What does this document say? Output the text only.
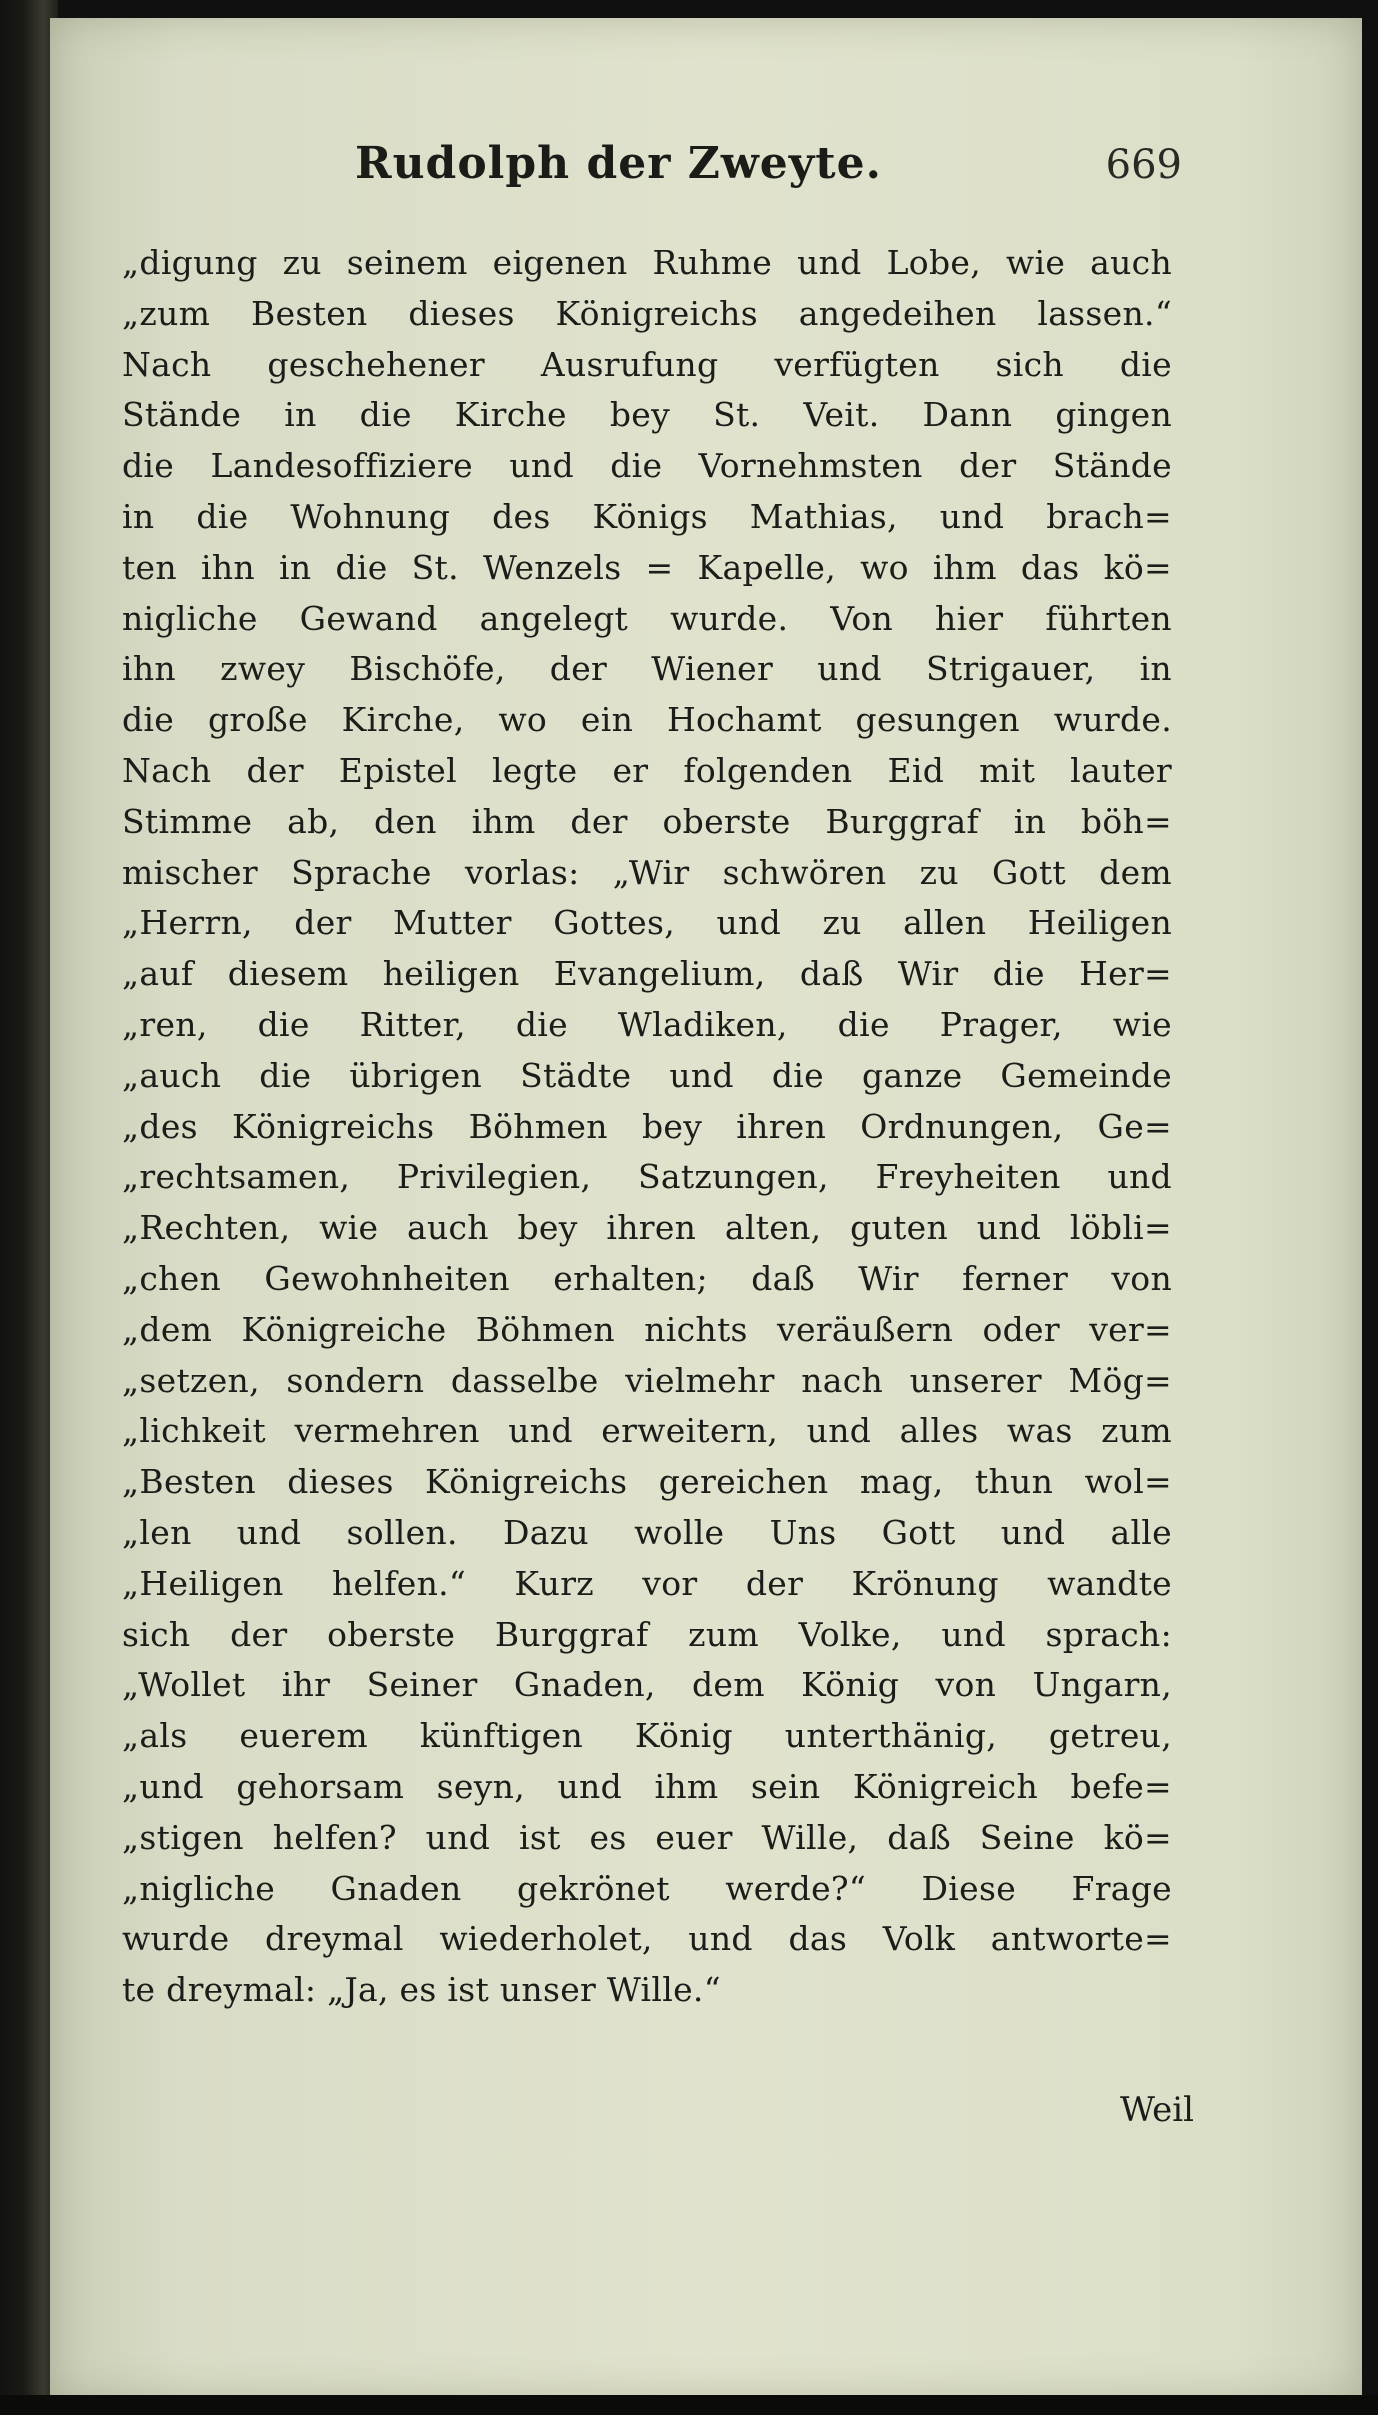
Rudolph der Zweyte.	669
„digung zu seinem eigenen Ruhme und Lobe, wie auch
„zum Besten dieses Königreichs angedeihen lassen.“
Nach geschehener Ausrufung verfügten sich die
Stände in die Kirche bey St. Veit. Dann gingen
die Landesoffiziere und die Vornehmsten der Stände
in die Wohnung des Königs Mathias, und brach=
ten ihn in die St. Wenzels = Kapelle, wo ihm das kö=
nigliche Gewand angelegt wurde. Von hier führten
ihn zwey Bischöfe, der Wiener und Strigauer, in
die große Kirche, wo ein Hochamt gesungen wurde.
Nach der Epistel legte er folgenden Eid mit lauter
Stimme ab, den ihm der oberste Burggraf in böh=
mischer Sprache vorlas: „Wir schwören zu Gott dem
„Herrn, der Mutter Gottes, und zu allen Heiligen
„auf diesem heiligen Evangelium, daß Wir die Her=
„ren, die Ritter, die Wladiken, die Prager, wie
„auch die übrigen Städte und die ganze Gemeinde
„des Königreichs Böhmen bey ihren Ordnungen, Ge=
„rechtsamen, Privilegien, Satzungen, Freyheiten und
„Rechten, wie auch bey ihren alten, guten und löbli=
„chen Gewohnheiten erhalten; daß Wir ferner von
„dem Königreiche Böhmen nichts veräußern oder ver=
„setzen, sondern dasselbe vielmehr nach unserer Mög=
„lichkeit vermehren und erweitern, und alles was zum
„Besten dieses Königreichs gereichen mag, thun wol=
„len und sollen. Dazu wolle Uns Gott und alle
„Heiligen helfen.“ Kurz vor der Krönung wandte
sich der oberste Burggraf zum Volke, und sprach:
„Wollet ihr Seiner Gnaden, dem König von Ungarn,
„als euerem künftigen König unterthänig, getreu,
„und gehorsam seyn, und ihm sein Königreich befe=
„stigen helfen? und ist es euer Wille, daß Seine kö=
„nigliche Gnaden gekrönet werde?“ Diese Frage
wurde dreymal wiederholet, und das Volk antworte=
te dreymal: „Ja, es ist unser Wille.“
Weil
